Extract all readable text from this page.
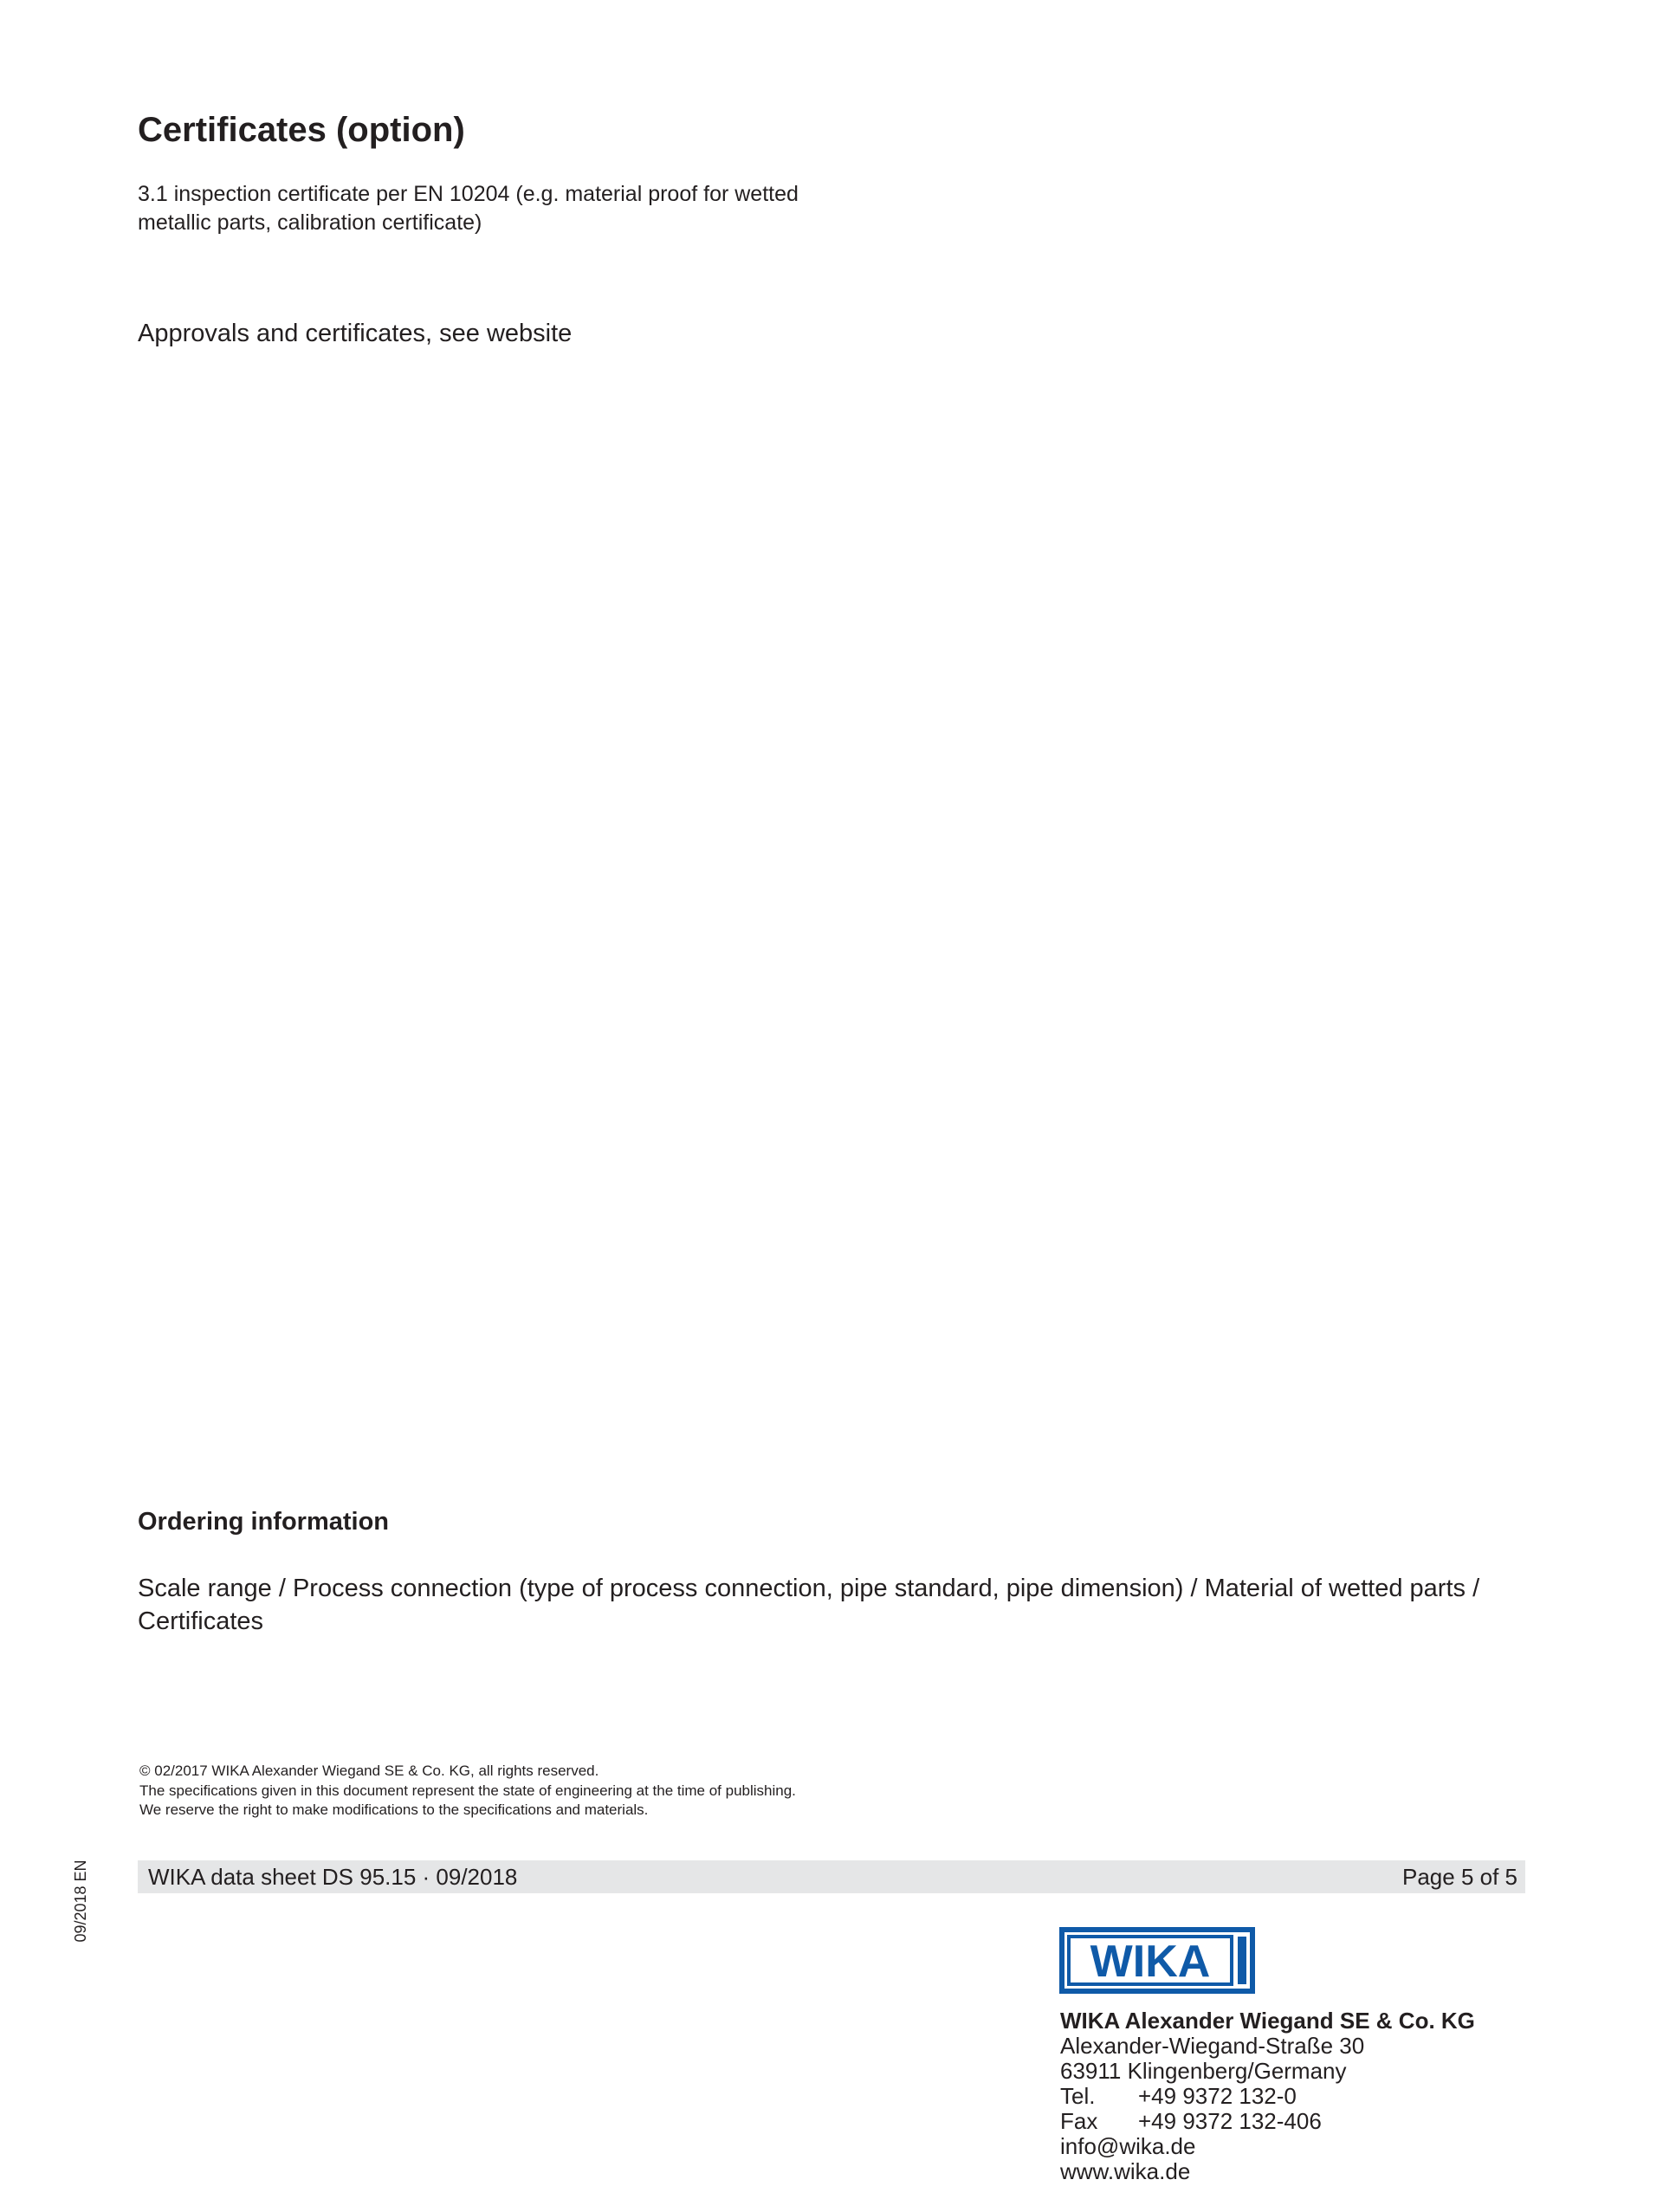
Certificates (option)
3.1 inspection certificate per EN 10204 (e.g. material proof for wetted
metallic parts, calibration certificate)
Approvals and certificates, see website
Ordering information
Scale range / Process connection (type of process connection, pipe standard, pipe dimension) / Material of wetted parts /
Certificates
© 02/2017 WIKA Alexander Wiegand SE & Co. KG, all rights reserved.
The specifications given in this document represent the state of engineering at the time of publishing.
We reserve the right to make modifications to the specifications and materials.
09/2018 EN	WIKA data sheet DS 95.15 · 09/2018	Page 5 of 5
WIKA
WIKA Alexander Wiegand SE & Co. KG
Alexander-Wiegand-Straße 30
63911 Klingenberg/Germany
Tel. +49 9372 132-0
Fax +49 9372 132-406
info@wika.de
www.wika.de
